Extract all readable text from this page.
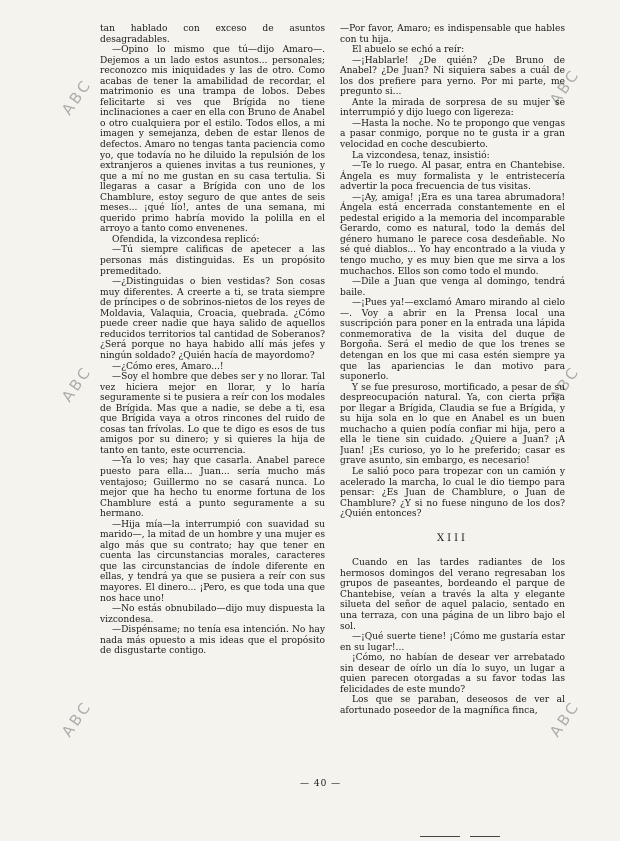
ABC
ABC
ABC
ABC
ABC
ABC

tan hablado con exceso de asuntos desagradables.

—Opino lo mismo que tú—dijo Amaro—. Dejemos a un lado estos asuntos... personales; reconozco mis iniquidades y las de otro. Como acabas de tener la amabilidad de recordar, el matrimonio es una trampa de lobos. Debes felicitarte si ves que Brígida no tiene inclinaciones a caer en ella con Bruno de Anabel o otro cualquiera por el estilo. Todos ellos, a mi imagen y semejanza, deben de estar llenos de defectos. Amaro no tengas tanta paciencia como yo, que todavía no he diluido la repulsión de los extranjeros a quienes invitas a tus reuniones, y que a mí no me gustan en su casa tertulia. Si llegaras a casar a Brígida con uno de los Chamblure, estoy seguro de que antes de seis meses... ¡qué lío!, antes de una semana, mi querido primo habría movido la polilla en el arroyo a tanto como envenenes.

Ofendida, la vizcondesa replicó:

—Tú siempre calificas de apetecer a las personas más distinguidas. Es un propósito premeditado.

—¿Distinguidas o bien vestidas? Son cosas muy diferentes. A creerte a ti, se trata siempre de príncipes o de sobrinos-nietos de los reyes de Moldavia, Valaquia, Croacia, quebrada. ¿Cómo puede creer nadie que haya salido de aquellos reducidos territorios tal cantidad de Soberanos? ¿Será porque no haya habido allí más jefes y ningún soldado? ¿Quién hacía de mayordomo?

—¿Cómo eres, Amaro...!

—Soy el hombre que debes ser y no llorar. Tal vez hiciera mejor en llorar, y lo haría seguramente si te pusiera a reír con los modales de Brígida. Mas que a nadie, se debe a ti, esa que Brígida vaya a otros rincones del ruido de cosas tan frívolas. Lo que te digo es esos de tus amigos por su dinero; y si quieres la hija de tanto en tanto, este ocurrencia.

—Ya lo ves; hay que casarla. Anabel parece puesto para ella... Juan... sería mucho más ventajoso; Guillermo no se casará nunca. Lo mejor que ha hecho tu enorme fortuna de los Chamblure está a punto seguramente a su hermano.

—Hija mía—la interrumpió con suavidad su marido—, la mitad de un hombre y una mujer es algo más que su contrato; hay que tener en cuenta las circunstancias morales, caracteres que las circunstancias de índole diferente en ellas, y tendrá ya que se pusiera a reír con sus mayores. El dinero... ¡Pero, es que toda una que nos hace uno!

—No estás obnubilado—dijo muy dispuesta la vizcondesa.

—Dispénsame; no tenía esa intención. No hay nada más opuesto a mis ideas que el propósito de disgustarte contigo.

—Por favor, Amaro; es indispensable que hables con tu hija.

El abuelo se echó a reír:

—¡Hablarle! ¿De quién? ¿De Bruno de Anabel? ¿De Juan? Ni siquiera sabes a cuál de los dos prefiere para yerno. Por mi parte, me pregunto si...

Ante la mirada de sorpresa de su mujer se interrumpió y dijo luego con ligereza:

—Hasta la noche. No te propongo que vengas a pasar conmigo, porque no te gusta ir a gran velocidad en coche descubierto.

La vizcondesa, tenaz, insistió:

—Te lo ruego. Al pasar, entra en Chantebise. Ángela es muy formalista y le entristecería advertir la poca frecuencia de tus visitas.

—¡Ay, amiga! ¡Era es una tarea abrumadora! Ángela está encerrada constantemente en el pedestal erigido a la memoria del incomparable Gerardo, como es natural, todo la demás del género humano le parece cosa desdeñable. No sé qué diablos... Yo hay encontrado a la viuda y tengo mucho, y es muy bien que me sirva a los muchachos. Ellos son como todo el mundo.

—Dile a Juan que venga al domingo, tendrá baile.

—¡Pues ya!—exclamó Amaro mirando al cielo—. Voy a abrir en la Prensa local una suscripción para poner en la entrada una lápida conmemorativa de la visita del duque de Borgoña. Será el medio de que los trenes se detengan en los que mi casa estén siempre ya que las apariencias le dan motivo para suponerlo.

Y se fue presuroso, mortificado, a pesar de su despreocupación natural. Ya, con cierta prisa por llegar a Brígida, Claudia se fue a Brígida, y su hija sola en lo que en Anabel es un buen muchacho a quien podía confiar mi hija, pero a ella le tiene sin cuidado. ¿Quiere a Juan? ¡A Juan! ¡Es curioso, yo lo he preferido; casar es grave asunto, sin embargo, es necesario!

Le salió poco para tropezar con un camión y acelerado la marcha, lo cual le dio tiempo para pensar: ¿Es Juan de Chamblure, o Juan de Chamblure? ¿Y si no fuese ninguno de los dos? ¿Quién entonces?

XIII

Cuando en las tardes radiantes de los hermosos domingos del verano regresaban los grupos de paseantes, bordeando el parque de Chantebise, veían a través la alta y elegante silueta del señor de aquel palacio, sentado en una terraza, con una página de un libro bajo el sol.

—¡Qué suerte tiene! ¡Cómo me gustaría estar en su lugar!...

¡Cómo, no habían de desear ver arrebatado sin desear de oírlo un día lo suyo, un lugar a quien parecen otorgadas a su favor todas las felicidades de este mundo?

Los que se paraban, deseosos de ver al afortunado poseedor de la magnífica finca,

— 40 —
